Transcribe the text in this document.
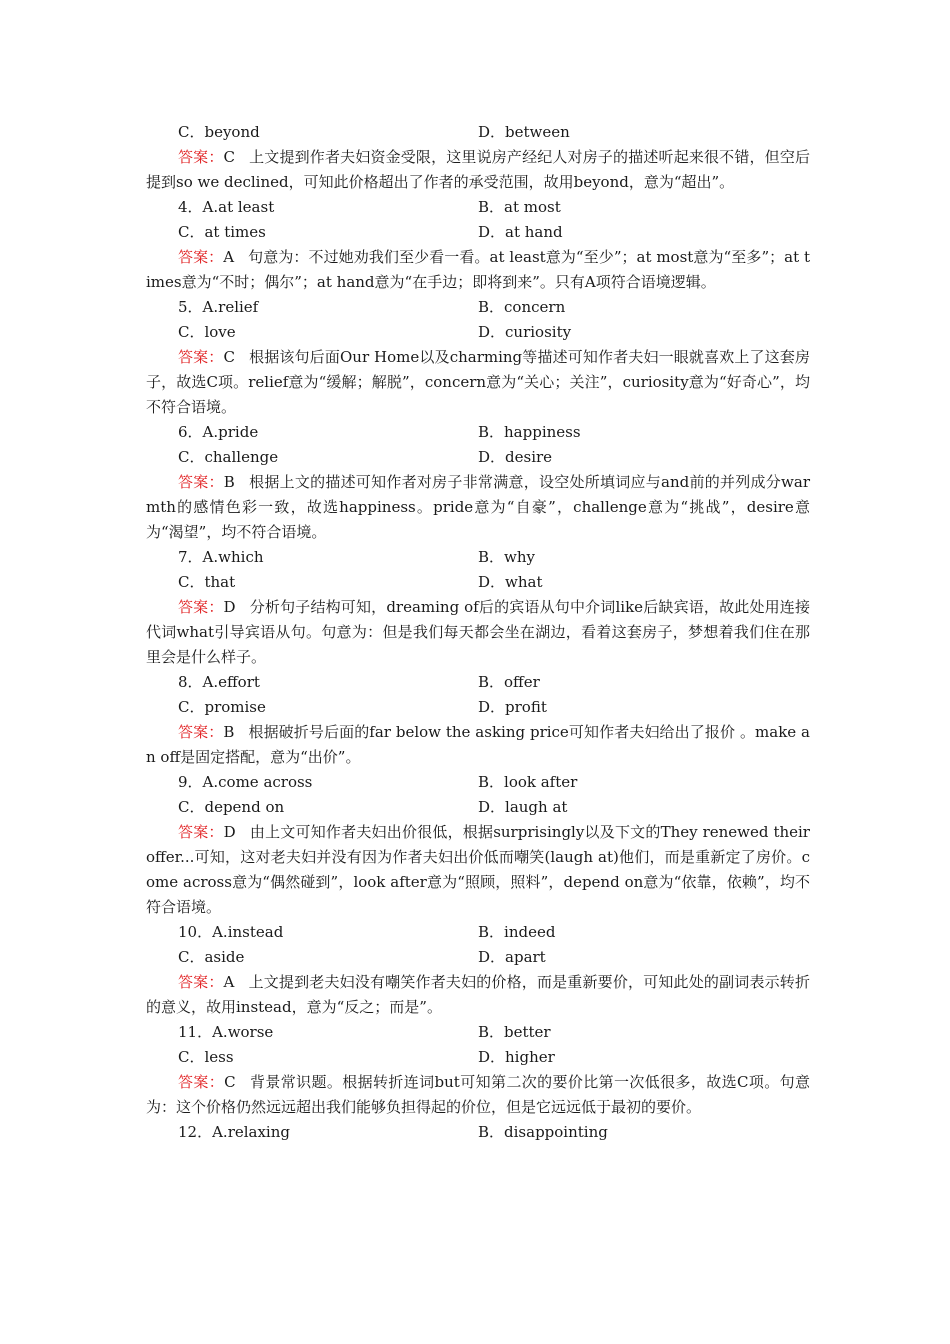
C．beyond	D．between

答案：C 上文提到作者夫妇资金受限，这里说房产经纪人对房子的描述听起来很不错，但空后提到so we declined，可知此价格超出了作者的承受范围，故用beyond，意为“超出”。

4．A.at least	B．at most
C．at times	D．at hand

答案：A 句意为：不过她劝我们至少看一看。at least意为“至少”；at most意为“至多”；at times意为“不时；偶尔”；at hand意为“在手边；即将到来”。只有A项符合语境逻辑。

5．A.relief	B．concern
C．love	D．curiosity

答案：C 根据该句后面Our Home以及charming等描述可知作者夫妇一眼就喜欢上了这套房子，故选C项。relief意为“缓解；解脱”，concern意为“关心；关注”，curiosity意为“好奇心”，均不符合语境。

6．A.pride	B．happiness
C．challenge	D．desire

答案：B 根据上文的描述可知作者对房子非常满意，设空处所填词应与and前的并列成分warmth的感情色彩一致，故选happiness。pride意为“自豪”，challenge意为“挑战”，desire意为“渴望”，均不符合语境。

7．A.which	B．why
C．that	D．what

答案：D 分析句子结构可知，dreaming of后的宾语从句中介词like后缺宾语，故此处用连接代词what引导宾语从句。句意为：但是我们每天都会坐在湖边，看着这套房子，梦想着我们住在那里会是什么样子。

8．A.effort	B．offer
C．promise	D．profit

答案：B 根据破折号后面的far below the asking price可知作者夫妇给出了报价 。make an off是固定搭配，意为“出价”。

9．A.come across	B．look after
C．depend on	D．laugh at

答案：D 由上文可知作者夫妇出价很低，根据surprisingly以及下文的They renewed their offer...可知，这对老夫妇并没有因为作者夫妇出价低而嘲笑(laugh at)他们，而是重新定了房价。come across意为“偶然碰到”，look after意为“照顾，照料”，depend on意为“依靠，依赖”，均不符合语境。

10．A.instead	B．indeed
C．aside	D．apart

答案：A 上文提到老夫妇没有嘲笑作者夫妇的价格，而是重新要价，可知此处的副词表示转折的意义，故用instead，意为“反之；而是”。

11．A.worse	B．better
C．less	D．higher

答案：C 背景常识题。根据转折连词but可知第二次的要价比第一次低很多，故选C项。句意为：这个价格仍然远远超出我们能够负担得起的价位，但是它远远低于最初的要价。

12．A.relaxing	B．disappointing
